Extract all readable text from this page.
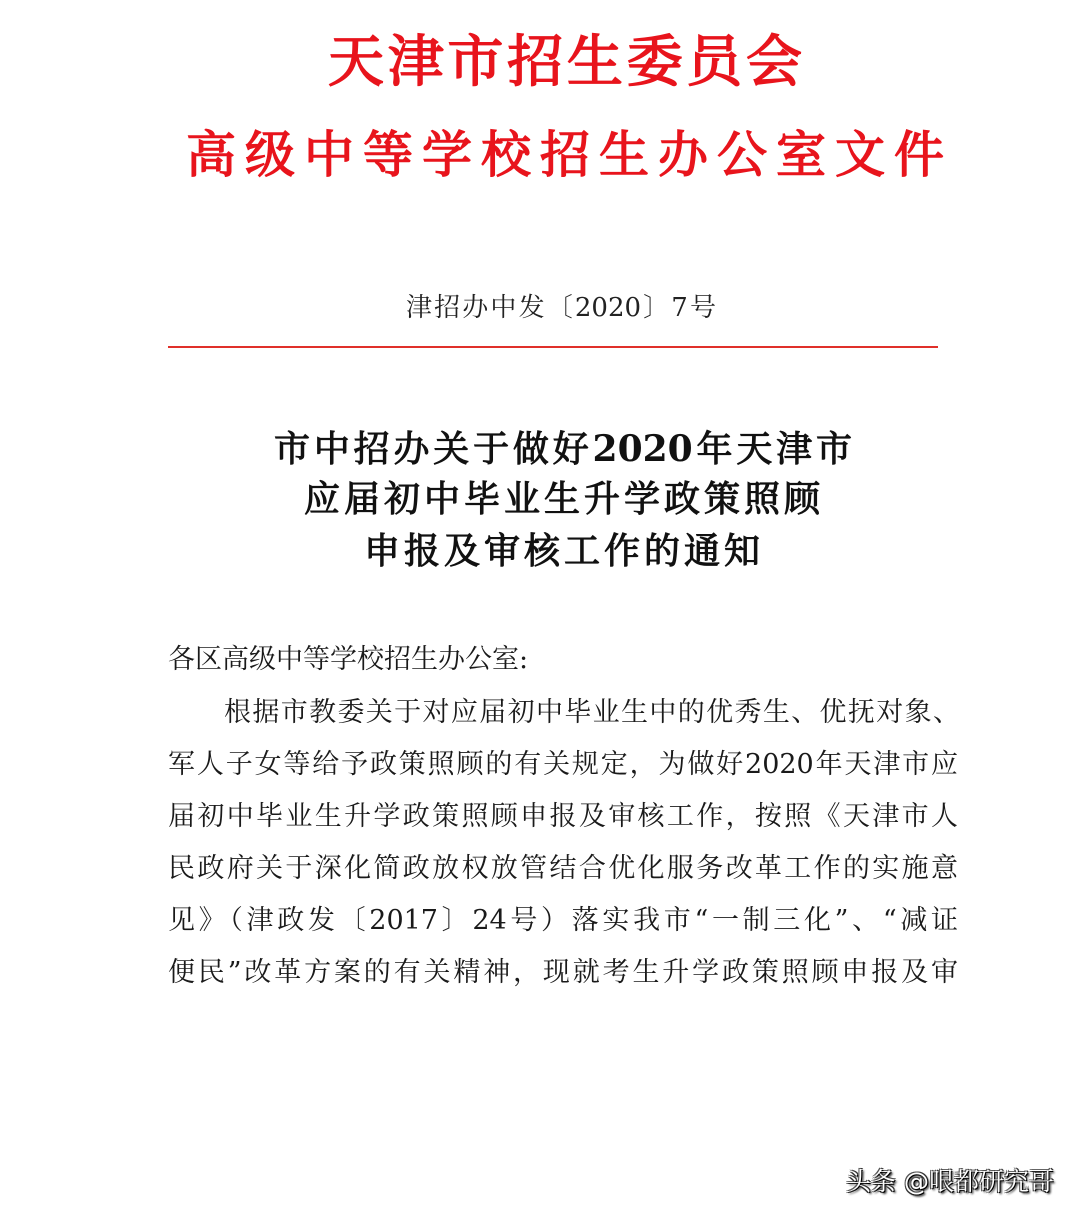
天津市招生委员会
高级中等学校招生办公室文件
津招办中发〔2020〕7号
市中招办关于做好2020年天津市
应届初中毕业生升学政策照顾
申报及审核工作的通知
各区高级中等学校招生办公室:
根据市教委关于对应届初中毕业生中的优秀生、优抚对象、
军人子女等给予政策照顾的有关规定，为做好2020年天津市应
届初中毕业生升学政策照顾申报及审核工作，按照《天津市人
民政府关于深化简政放权放管结合优化服务改革工作的实施意
见》（津政发〔2017〕24号）落实我市“一制三化”、“减证
便民”改革方案的有关精神，现就考生升学政策照顾申报及审
头条 @哏都研究哥
